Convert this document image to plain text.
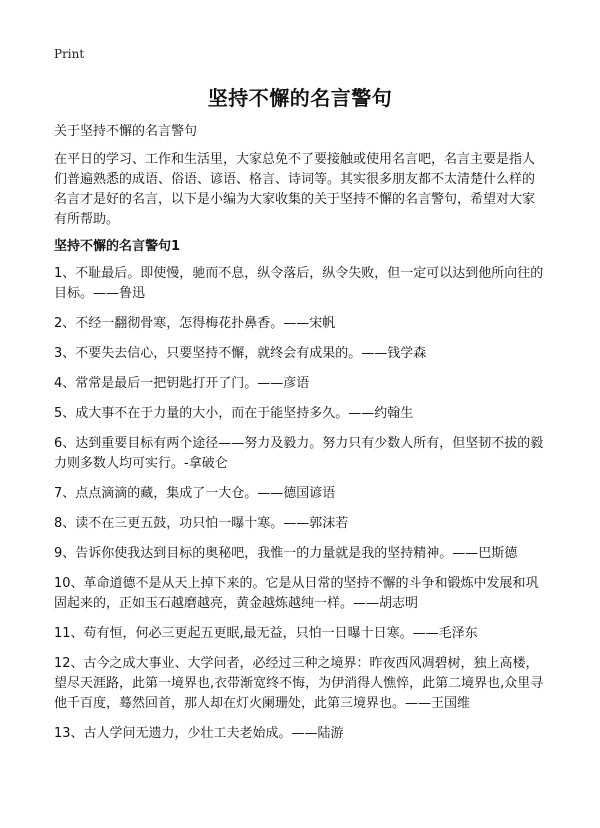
Print
坚持不懈的名言警句
关于坚持不懈的名言警句

在平日的学习、工作和生活里，大家总免不了要接触或使用名言吧，名言主要是指人们普遍熟悉的成语、俗语、谚语、格言、诗词等。其实很多朋友都不太清楚什么样的名言才是好的名言，以下是小编为大家收集的关于坚持不懈的名言警句，希望对大家有所帮助。

坚持不懈的名言警句1
1、不耻最后。即使慢，驰而不息，纵令落后，纵令失败，但一定可以达到他所向往的目标。——鲁迅
2、不经一翻彻骨寒，怎得梅花扑鼻香。——宋帆
3、不要失去信心，只要坚持不懈，就终会有成果的。——钱学森
4、常常是最后一把钥匙打开了门。——彦语
5、成大事不在于力量的大小，而在于能坚持多久。——约翰生
6、达到重要目标有两个途径——努力及毅力。努力只有少数人所有，但坚韧不拔的毅力则多数人均可实行。-拿破仑
7、点点滴滴的藏，集成了一大仓。——德国谚语
8、读不在三更五鼓，功只怕一曝十寒。——郭沫若
9、告诉你使我达到目标的奥秘吧，我惟一的力量就是我的坚持精神。——巴斯德
10、革命道德不是从天上掉下来的。它是从日常的坚持不懈的斗争和锻炼中发展和巩固起来的，正如玉石越磨越亮，黄金越炼越纯一样。——胡志明
11、苟有恒，何必三更起五更眠,最无益，只怕一日曝十日寒。——毛泽东
12、古今之成大事业、大学问者，必经过三种之境界：昨夜西风凋碧树，独上高楼，望尽天涯路，此第一境界也,衣带渐宽终不悔，为伊消得人憔悴，此第二境界也,众里寻他千百度，蓦然回首，那人却在灯火阑珊处，此第三境界也。——王国维
13、古人学问无遗力，少壮工夫老始成。——陆游
